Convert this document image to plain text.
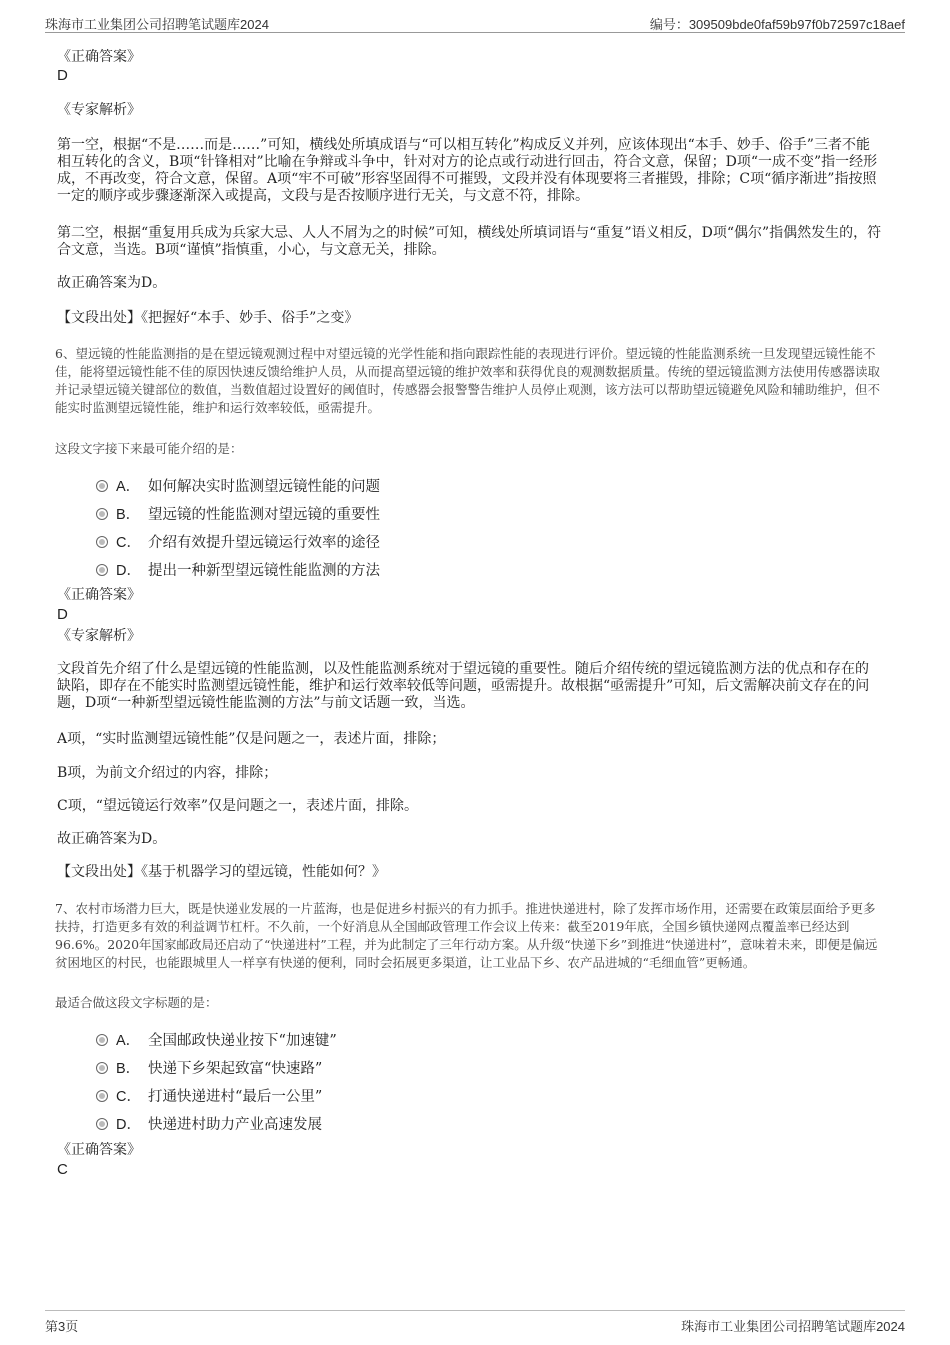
珠海市工业集团公司招聘笔试题库2024	编号：309509bde0faf59b97f0b72597c18aef
《正确答案》
D
《专家解析》
第一空，根据“不是……而是……”可知，横线处所填成语与“可以相互转化”构成反义并列，应该体现出“本手、妙手、俗手”三者不能相互转化的含义，B项“针锋相对”比喻在争辩或斗争中，针对对方的论点或行动进行回击，符合文意，保留；D项“一成不变”指一经形成，不再改变，符合文意，保留。A项“牢不可破”形容坚固得不可摧毁，文段并没有体现要将三者摧毁，排除；C项“循序渐进”指按照一定的顺序或步骤逐渐深入或提高，文段与是否按顺序进行无关，与文意不符，排除。
第二空，根据“重复用兵成为兵家大忌、人人不屑为之的时候”可知，横线处所填词语与“重复”语义相反，D项“偶尔”指偶然发生的，符合文意，当选。B项“谨慎”指慎重，小心，与文意无关，排除。
故正确答案为D。
【文段出处】《把握好“本手、妙手、俗手”之变》
6、望远镜的性能监测指的是在望远镜观测过程中对望远镜的光学性能和指向跟踪性能的表现进行评价。望远镜的性能监测系统一旦发现望远镜性能不佳，能将望远镜性能不佳的原因快速反馈给维护人员，从而提高望远镜的维护效率和获得优良的观测数据质量。传统的望远镜监测方法使用传感器读取并记录望远镜关键部位的数值，当数值超过设置好的阈值时，传感器会报警警告维护人员停止观测，该方法可以帮助望远镜避免风险和辅助维护，但不能实时监测望远镜性能，维护和运行效率较低，亟需提升。
这段文字接下来最可能介绍的是：
A． 如何解决实时监测望远镜性能的问题
B． 望远镜的性能监测对望远镜的重要性
C． 介绍有效提升望远镜运行效率的途径
D． 提出一种新型望远镜性能监测的方法
《正确答案》
D
《专家解析》
文段首先介绍了什么是望远镜的性能监测，以及性能监测系统对于望远镜的重要性。随后介绍传统的望远镜监测方法的优点和存在的缺陷，即存在不能实时监测望远镜性能，维护和运行效率较低等问题，亟需提升。故根据“亟需提升”可知，后文需解决前文存在的问题，D项“一种新型望远镜性能监测的方法”与前文话题一致，当选。
A项，“实时监测望远镜性能”仅是问题之一，表述片面，排除；
B项，为前文介绍过的内容，排除；
C项，“望远镜运行效率”仅是问题之一，表述片面，排除。
故正确答案为D。
【文段出处】《基于机器学习的望远镜，性能如何？》
7、农村市场潜力巨大，既是快递业发展的一片蓝海，也是促进乡村振兴的有力抓手。推进快递进村，除了发挥市场作用，还需要在政策层面给予更多扶持，打造更多有效的利益调节杠杆。不久前，一个好消息从全国邮政管理工作会议上传来：截至2019年底，全国乡镇快递网点覆盖率已经达到96.6%。2020年国家邮政局还启动了“快递进村”工程，并为此制定了三年行动方案。从升级“快递下乡”到推进“快递进村”，意味着未来，即便是偏远贫困地区的村民，也能跟城里人一样享有快递的便利，同时会拓展更多渠道，让工业品下乡、农产品进城的“毛细血管”更畅通。
最适合做这段文字标题的是：
A． 全国邮政快递业按下“加速键”
B． 快递下乡架起致富“快速路”
C． 打通快递进村“最后一公里”
D． 快递进村助力产业高速发展
《正确答案》
C
第3页	珠海市工业集团公司招聘笔试题库2024
